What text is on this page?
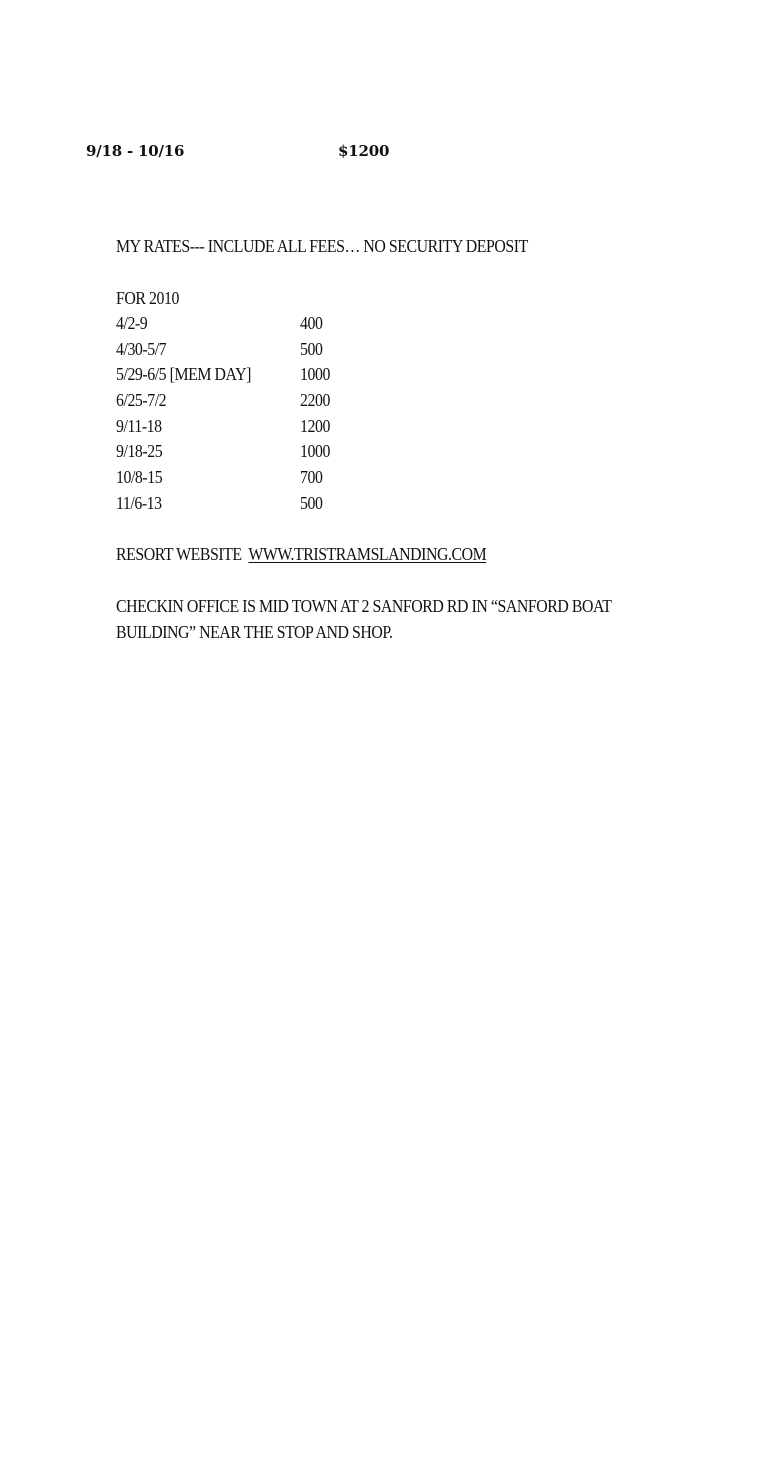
9/18 - 10/16	$1200
MY RATES--- INCLUDE ALL FEES… NO SECURITY DEPOSIT
FOR 2010
4/2-9	400
4/30-5/7	500
5/29-6/5 [MEM DAY]	1000
6/25-7/2	2200
9/11-18	1200
9/18-25	1000
10/8-15	700
11/6-13	500
RESORT WEBSITE WWW.TRISTRAMSLANDING.COM
CHECKIN OFFICE IS MID TOWN AT 2 SANFORD RD IN “SANFORD BOAT
BUILDING” NEAR THE STOP AND SHOP.
